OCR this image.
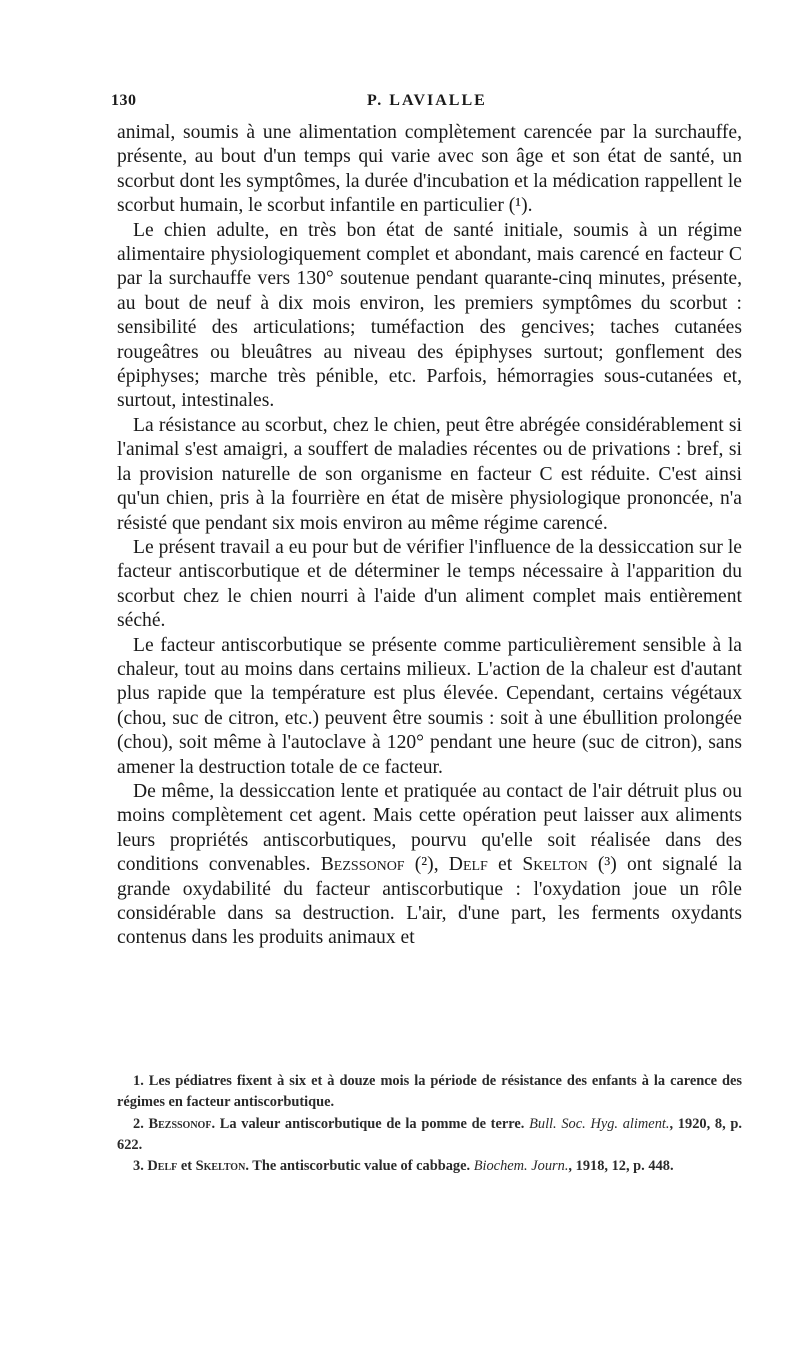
130	P. LAVIALLE

animal, soumis à une alimentation complètement carencée par la surchauffe, présente, au bout d'un temps qui varie avec son âge et son état de santé, un scorbut dont les symptômes, la durée d'incubation et la médication rappellent le scorbut humain, le scorbut infantile en particulier (¹).

Le chien adulte, en très bon état de santé initiale, soumis à un régime alimentaire physiologiquement complet et abondant, mais carencé en facteur C par la surchauffe vers 130° soutenue pendant quarante-cinq minutes, présente, au bout de neuf à dix mois environ, les premiers symptômes du scorbut : sensibilité des articulations; tuméfaction des gencives; taches cutanées rougeâtres ou bleuâtres au niveau des épiphyses surtout; gonflement des épiphyses; marche très pénible, etc. Parfois, hémorragies sous-cutanées et, surtout, intestinales.

La résistance au scorbut, chez le chien, peut être abrégée considérablement si l'animal s'est amaigri, a souffert de maladies récentes ou de privations : bref, si la provision naturelle de son organisme en facteur C est réduite. C'est ainsi qu'un chien, pris à la fourrière en état de misère physiologique prononcée, n'a résisté que pendant six mois environ au même régime carencé.

Le présent travail a eu pour but de vérifier l'influence de la dessiccation sur le facteur antiscorbutique et de déterminer le temps nécessaire à l'apparition du scorbut chez le chien nourri à l'aide d'un aliment complet mais entièrement séché.

Le facteur antiscorbutique se présente comme particulièrement sensible à la chaleur, tout au moins dans certains milieux. L'action de la chaleur est d'autant plus rapide que la température est plus élevée. Cependant, certains végétaux (chou, suc de citron, etc.) peuvent être soumis : soit à une ébullition prolongée (chou), soit même à l'autoclave à 120° pendant une heure (suc de citron), sans amener la destruction totale de ce facteur.

De même, la dessiccation lente et pratiquée au contact de l'air détruit plus ou moins complètement cet agent. Mais cette opération peut laisser aux aliments leurs propriétés antiscorbutiques, pourvu qu'elle soit réalisée dans des conditions convenables. Bezssonof (²), Delf et Skelton (³) ont signalé la grande oxydabilité du facteur antiscorbutique : l'oxydation joue un rôle considérable dans sa destruction. L'air, d'une part, les ferments oxydants contenus dans les produits animaux et

1. Les pédiatres fixent à six et à douze mois la période de résistance des enfants à la carence des régimes en facteur antiscorbutique.

2. Bezssonof. La valeur antiscorbutique de la pomme de terre. Bull. Soc. Hyg. aliment., 1920, 8, p. 622.

3. Delf et Skelton. The antiscorbutic value of cabbage. Biochem. Journ., 1918, 12, p. 448.
